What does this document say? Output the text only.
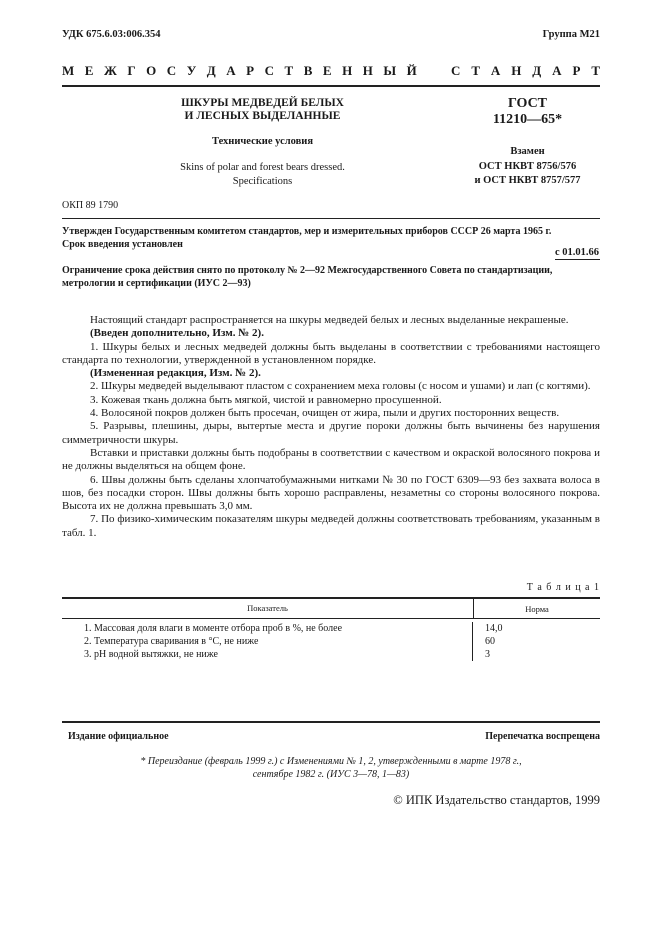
УДК 675.6.03:006.354	Группа М21
М Е Ж Г О С У Д А Р С Т В Е Н Н Ы Й	С Т А Н Д А Р Т
ШКУРЫ МЕДВЕДЕЙ БЕЛЫХ
И ЛЕСНЫХ ВЫДЕЛАННЫЕ
Технические условия
Skins of polar and forest bears dressed.
Specifications
ГОСТ
11210—65*
Взамен
ОСТ НКВТ 8756/576
и ОСТ НКВТ 8757/577
ОКП 89 1790
Утвержден Государственным комитетом стандартов, мер и измерительных приборов СССР 26 марта 1965 г.
Срок введения установлен
с 01.01.66
Ограничение срока действия снято по протоколу № 2—92 Межгосударственного Совета по стандартизации,
метрологии и сертификации (ИУС 2—93)
Настоящий стандарт распространяется на шкуры медведей белых и лесных выделанные некрашеные.
(Введен дополнительно, Изм. № 2).
1. Шкуры белых и лесных медведей должны быть выделаны в соответствии с требованиями настоящего стандарта по технологии, утвержденной в установленном порядке.
(Измененная редакция, Изм. № 2).
2. Шкуры медведей выделывают пластом с сохранением меха головы (с носом и ушами) и лап (с когтями).
3. Кожевая ткань должна быть мягкой, чистой и равномерно просушенной.
4. Волосяной покров должен быть просечан, очищен от жира, пыли и других посторонних веществ.
5. Разрывы, плешины, дыры, вытертые места и другие пороки должны быть вычинены без нарушения симметричности шкуры.
Вставки и приставки должны быть подобраны в соответствии с качеством и окраской волосяного покрова и не должны выделяться на общем фоне.
6. Швы должны быть сделаны хлопчатобумажными нитками № 30 по ГОСТ 6309—93 без захвата волоса в шов, без посадки сторон. Швы должны быть хорошо расправлены, незаметны со стороны волосяного покрова. Высота их не должна превышать 3,0 мм.
7. По физико-химическим показателям шкуры медведей должны соответствовать требованиям, указанным в табл. 1.
Т а б л и ц а 1
Показатель	Норма
1. Массовая доля влаги в моменте отбора проб в %, не более	14,0
2. Температура сваривания в °С, не ниже	60
3. рН водной вытяжки, не ниже	3
Издание официальное	Перепечатка воспрещена
* Переиздание (февраль 1999 г.) с Изменениями № 1, 2, утвержденными в марте 1978 г.,
сентябре 1982 г. (ИУС 3—78, 1—83)
© ИПК Издательство стандартов, 1999
